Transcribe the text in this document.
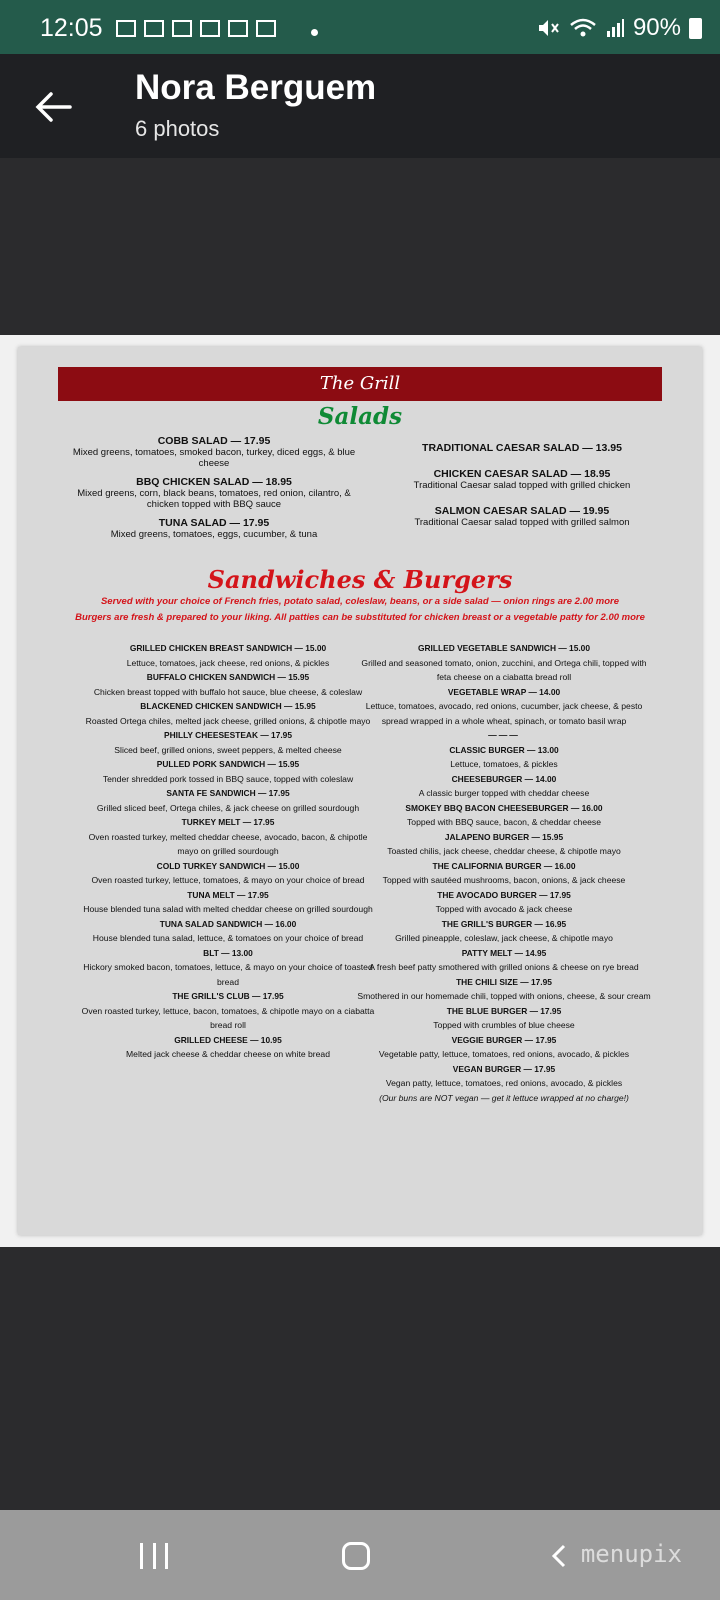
12:05	90%
Nora Berguem
6 photos
The Grill
Salads
COBB SALAD — 17.95
Mixed greens, tomatoes, smoked bacon, turkey, diced eggs, & blue cheese
BBQ CHICKEN SALAD — 18.95
Mixed greens, corn, black beans, tomatoes, red onion, cilantro, & chicken topped with BBQ sauce
TUNA SALAD — 17.95
Mixed greens, tomatoes, eggs, cucumber, & tuna
TRADITIONAL CAESAR SALAD — 13.95
CHICKEN CAESAR SALAD — 18.95
Traditional Caesar salad topped with grilled chicken
SALMON CAESAR SALAD — 19.95
Traditional Caesar salad topped with grilled salmon
Sandwiches & Burgers
Served with your choice of French fries, potato salad, coleslaw, beans, or a side salad — onion rings are 2.00 more
Burgers are fresh & prepared to your liking. All patties can be substituted for chicken breast or a vegetable patty for 2.00 more
GRILLED CHICKEN BREAST SANDWICH — 15.00
Lettuce, tomatoes, jack cheese, red onions, & pickles
BUFFALO CHICKEN SANDWICH — 15.95
Chicken breast topped with buffalo hot sauce, blue cheese, & coleslaw
BLACKENED CHICKEN SANDWICH — 15.95
Roasted Ortega chiles, melted jack cheese, grilled onions, & chipotle mayo
PHILLY CHEESESTEAK — 17.95
Sliced beef, grilled onions, sweet peppers, & melted cheese
PULLED PORK SANDWICH — 15.95
Tender shredded pork tossed in BBQ sauce, topped with coleslaw
SANTA FE SANDWICH — 17.95
Grilled sliced beef, Ortega chiles, & jack cheese on grilled sourdough
TURKEY MELT — 17.95
Oven roasted turkey, melted cheddar cheese, avocado, bacon, & chipotle mayo on grilled sourdough
COLD TURKEY SANDWICH — 15.00
Oven roasted turkey, lettuce, tomatoes, & mayo on your choice of bread
TUNA MELT — 17.95
House blended tuna salad with melted cheddar cheese on grilled sourdough
TUNA SALAD SANDWICH — 16.00
House blended tuna salad, lettuce, & tomatoes on your choice of bread
BLT — 13.00
Hickory smoked bacon, tomatoes, lettuce, & mayo on your choice of toasted bread
THE GRILL'S CLUB — 17.95
Oven roasted turkey, lettuce, bacon, tomatoes, & chipotle mayo on a ciabatta bread roll
GRILLED CHEESE — 10.95
Melted jack cheese & cheddar cheese on white bread
GRILLED VEGETABLE SANDWICH — 15.00
Grilled and seasoned tomato, onion, zucchini, and Ortega chili, topped with feta cheese on a ciabatta bread roll
VEGETABLE WRAP — 14.00
Lettuce, tomatoes, avocado, red onions, cucumber, jack cheese, & pesto spread wrapped in a whole wheat, spinach, or tomato basil wrap
———
CLASSIC BURGER — 13.00
Lettuce, tomatoes, & pickles
CHEESEBURGER — 14.00
A classic burger topped with cheddar cheese
SMOKEY BBQ BACON CHEESEBURGER — 16.00
Topped with BBQ sauce, bacon, & cheddar cheese
JALAPENO BURGER — 15.95
Toasted chilis, jack cheese, cheddar cheese, & chipotle mayo
THE CALIFORNIA BURGER — 16.00
Topped with sautéed mushrooms, bacon, onions, & jack cheese
THE AVOCADO BURGER — 17.95
Topped with avocado & jack cheese
THE GRILL'S BURGER — 16.95
Grilled pineapple, coleslaw, jack cheese, & chipotle mayo
PATTY MELT — 14.95
A fresh beef patty smothered with grilled onions & cheese on rye bread
THE CHILI SIZE — 17.95
Smothered in our homemade chili, topped with onions, cheese, & sour cream
THE BLUE BURGER — 17.95
Topped with crumbles of blue cheese
VEGGIE BURGER — 17.95
Vegetable patty, lettuce, tomatoes, red onions, avocado, & pickles
VEGAN BURGER — 17.95
Vegan patty, lettuce, tomatoes, red onions, avocado, & pickles
(Our buns are NOT vegan — get it lettuce wrapped at no charge!)
menupix
